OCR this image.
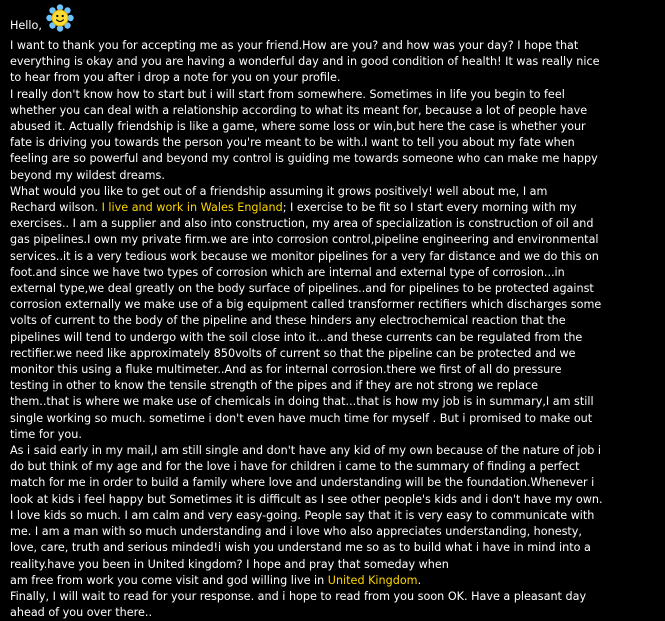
Hello,
I want to thank you for accepting me as your friend.How are you? and how was your day? I hope that
everything is okay and you are having a wonderful day and in good condition of health! It was really nice
to hear from you after i drop a note for you on your profile.
I really don't know how to start but i will start from somewhere. Sometimes in life you begin to feel
whether you can deal with a relationship according to what its meant for, because a lot of people have
abused it. Actually friendship is like a game, where some loss or win,but here the case is whether your
fate is driving you towards the person you're meant to be with.I want to tell you about my fate when
feeling are so powerful and beyond my control is guiding me towards someone who can make me happy
beyond my wildest dreams.
What would you like to get out of a friendship assuming it grows positively! well about me, I am
Rechard wilson. I live and work in Wales England; I exercise to be fit so I start every morning with my
exercises.. I am a supplier and also into construction, my area of specialization is construction of oil and
gas pipelines.I own my private firm.we are into corrosion control,pipeline engineering and environmental
services..it is a very tedious work because we monitor pipelines for a very far distance and we do this on
foot.and since we have two types of corrosion which are internal and external type of corrosion...in
external type,we deal greatly on the body surface of pipelines..and for pipelines to be protected against
corrosion externally we make use of a big equipment called transformer rectifiers which discharges some
volts of current to the body of the pipeline and these hinders any electrochemical reaction that the
pipelines will tend to undergo with the soil close into it...and these currents can be regulated from the
rectifier.we need like approximately 850volts of current so that the pipeline can be protected and we
monitor this using a fluke multimeter..And as for internal corrosion.there we first of all do pressure
testing in other to know the tensile strength of the pipes and if they are not strong we replace
them..that is where we make use of chemicals in doing that...that is how my job is in summary,I am still
single working so much. sometime i don't even have much time for myself . But i promised to make out
time for you.
As i said early in my mail,I am still single and don't have any kid of my own because of the nature of job i
do but think of my age and for the love i have for children i came to the summary of finding a perfect
match for me in order to build a family where love and understanding will be the foundation.Whenever i
look at kids i feel happy but Sometimes it is difficult as I see other people's kids and i don't have my own.
I love kids so much. I am calm and very easy-going. People say that it is very easy to communicate with
me. I am a man with so much understanding and i love who also appreciates understanding, honesty,
love, care, truth and serious minded!i wish you understand me so as to build what i have in mind into a
reality.have you been in United kingdom? I hope and pray that someday when
am free from work you come visit and god willing live in United Kingdom.
Finally, I will wait to read for your response. and i hope to read from you soon OK. Have a pleasant day
ahead of you over there..
